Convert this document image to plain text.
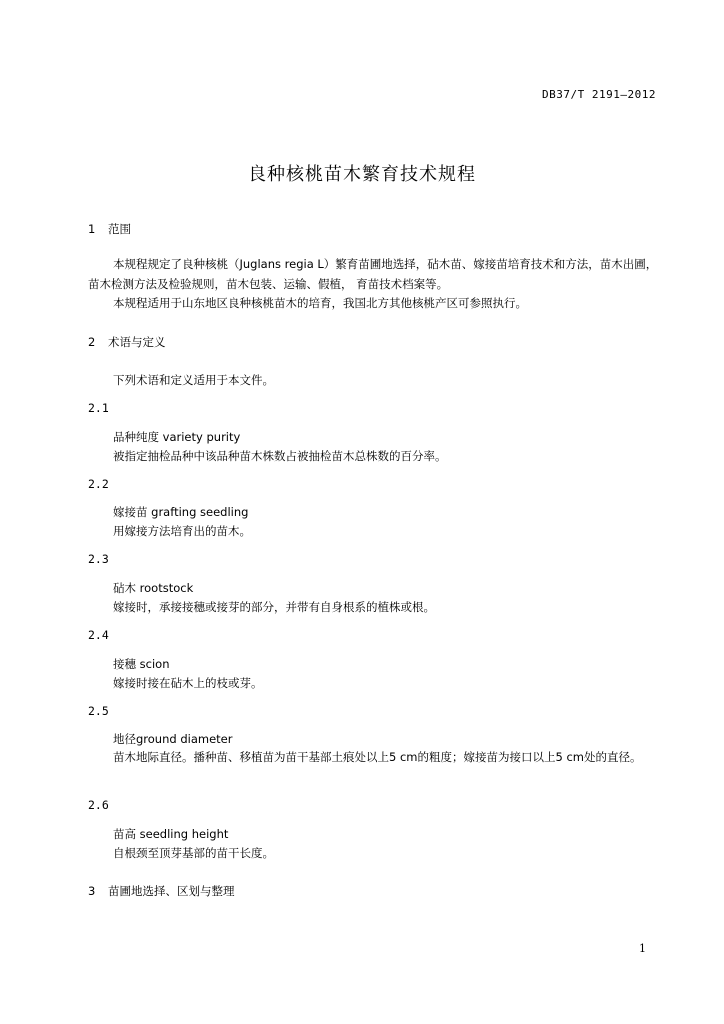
DB37/T 2191—2012
良种核桃苗木繁育技术规程
1 范围
本规程规定了良种核桃（Juglans regia L）繁育苗圃地选择，砧木苗、嫁接苗培育技术和方法，苗木出圃，苗木检测方法及检验规则，苗木包装、运输、假植， 育苗技术档案等。
本规程适用于山东地区良种核桃苗木的培育，我国北方其他核桃产区可参照执行。
2 术语与定义
下列术语和定义适用于本文件。
2.1
品种纯度 variety purity
被指定抽检品种中该品种苗木株数占被抽检苗木总株数的百分率。
2.2
嫁接苗 grafting seedling
用嫁接方法培育出的苗木。
2.3
砧木 rootstock
嫁接时，承接接穗或接芽的部分，并带有自身根系的植株或根。
2.4
接穗 scion
嫁接时接在砧木上的枝或芽。
2.5
地径ground diameter
苗木地际直径。播种苗、移植苗为苗干基部土痕处以上5 cm的粗度；嫁接苗为接口以上5 cm处的直径。
2.6
苗高 seedling height
自根颈至顶芽基部的苗干长度。
3 苗圃地选择、区划与整理
1
